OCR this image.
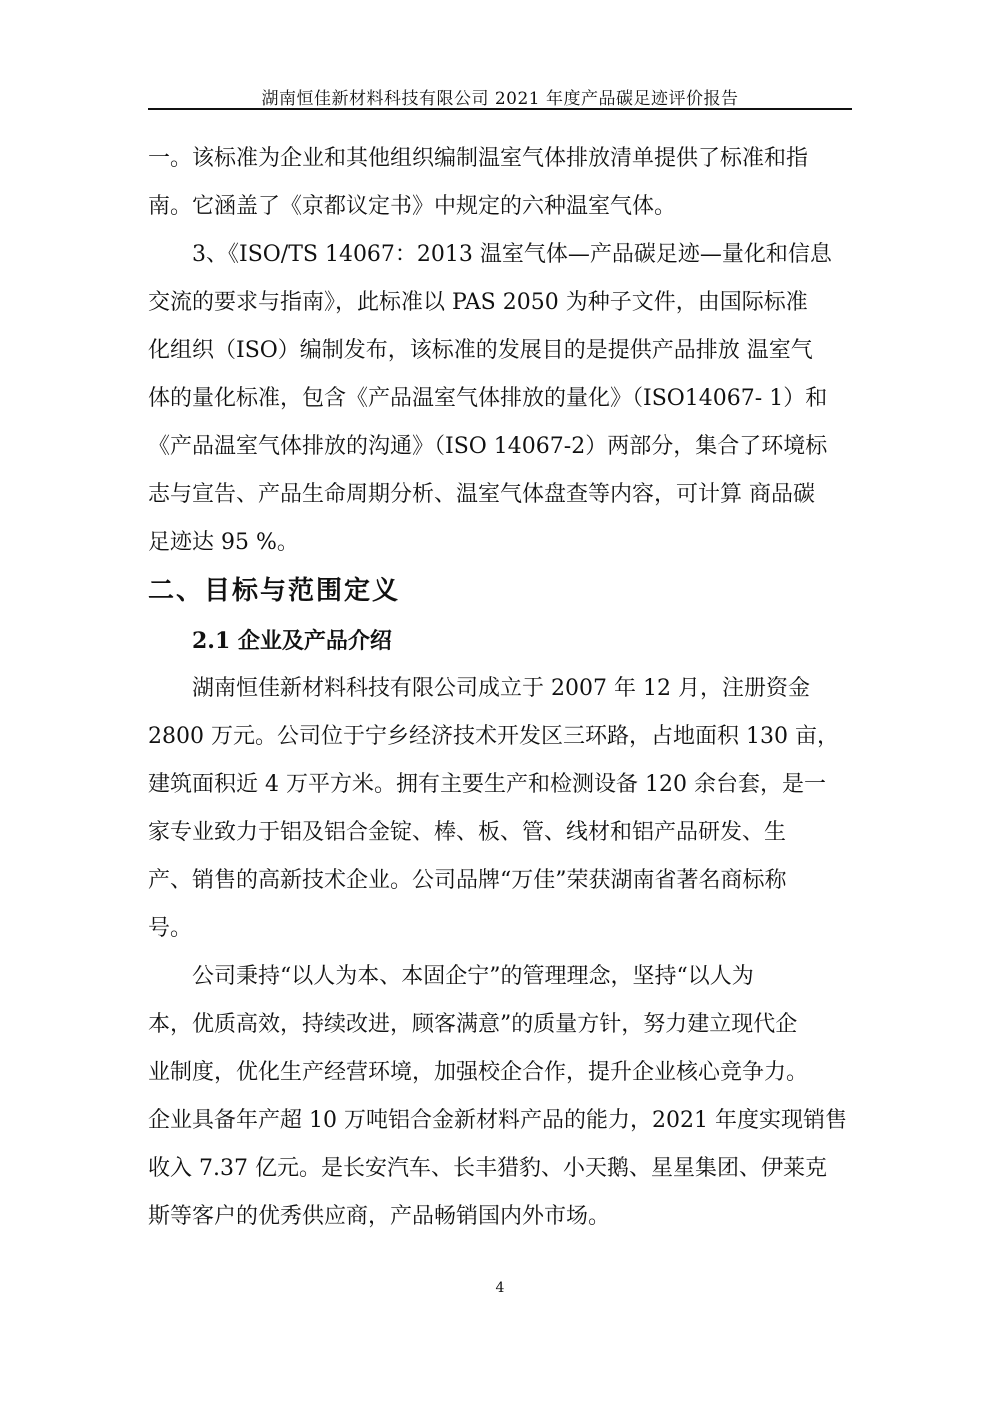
湖南恒佳新材料科技有限公司 2021 年度产品碳足迹评价报告
一。该标准为企业和其他组织编制温室气体排放清单提供了标准和指
南。它涵盖了《京都议定书》中规定的六种温室气体。
3、《ISO/TS 14067：2013 温室气体—产品碳足迹—量化和信息
交流的要求与指南》，此标准以 PAS 2050 为种子文件，由国际标准
化组织（ISO）编制发布，该标准的发展目的是提供产品排放 温室气
体的量化标准，包含《产品温室气体排放的量化》（ISO14067- 1）和
《产品温室气体排放的沟通》（ISO 14067-2）两部分，集合了环境标
志与宣告、产品生命周期分析、温室气体盘查等内容，可计算 商品碳
足迹达 95 %。
二、目标与范围定义
2.1 企业及产品介绍
湖南恒佳新材料科技有限公司成立于 2007 年 12 月，注册资金
2800 万元。公司位于宁乡经济技术开发区三环路，占地面积 130 亩，
建筑面积近 4 万平方米。拥有主要生产和检测设备 120 余台套，是一
家专业致力于铝及铝合金锭、棒、板、管、线材和铝产品研发、生
产、销售的高新技术企业。公司品牌“万佳”荣获湖南省著名商标称
号。
公司秉持“以人为本、本固企宁”的管理理念，坚持“以人为
本，优质高效，持续改进，顾客满意”的质量方针，努力建立现代企
业制度，优化生产经营环境，加强校企合作，提升企业核心竞争力。
企业具备年产超 10 万吨铝合金新材料产品的能力，2021 年度实现销售
收入 7.37 亿元。是长安汽车、长丰猎豹、小天鹅、星星集团、伊莱克
斯等客户的优秀供应商，产品畅销国内外市场。
4
